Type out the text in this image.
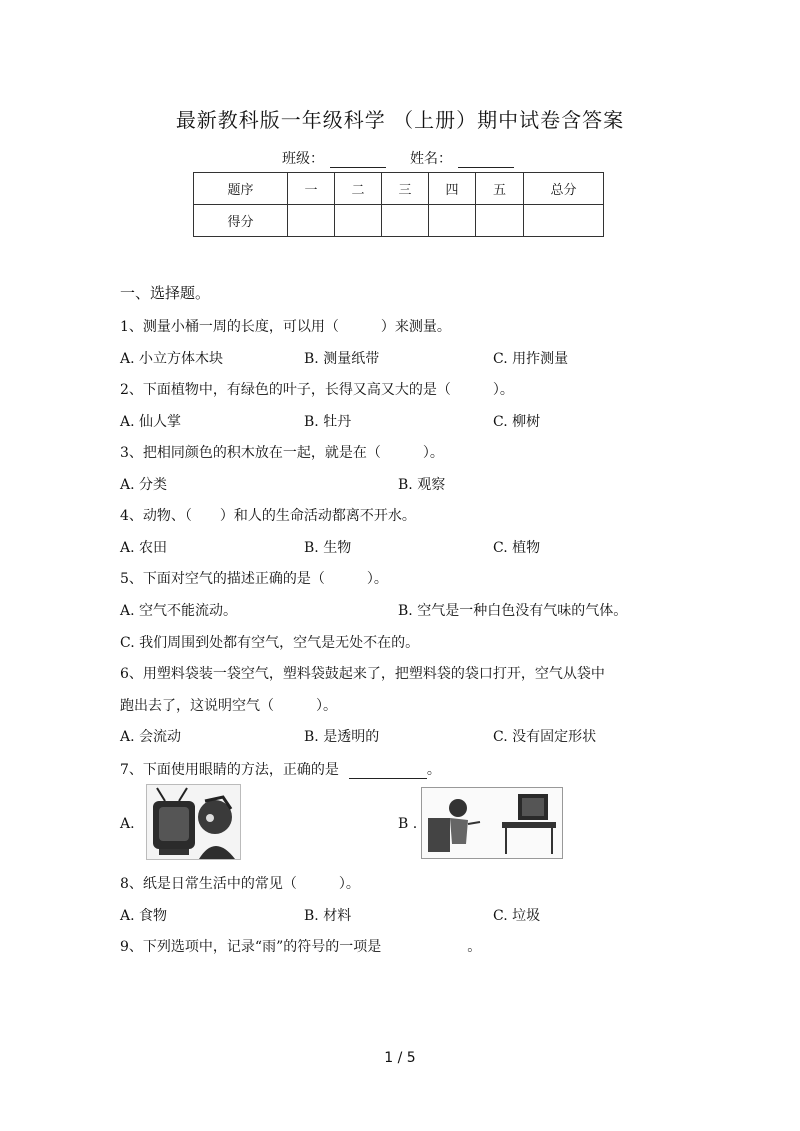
最新教科版一年级科学 （上册）期中试卷含答案
班级：	姓名：
题序	一	二	三	四	五	总分
得分						
一、选择题。
1、测量小桶一周的长度，可以用（　　　）来测量。
A. 小立方体木块	B. 测量纸带	C. 用拃测量
2、下面植物中，有绿色的叶子，长得又高又大的是（　　　）。
A. 仙人掌	B. 牡丹	C. 柳树
3、把相同颜色的积木放在一起，就是在（　　　）。
A. 分类	B. 观察
4、动物、（　　）和人的生命活动都离不开水。
A. 农田	B. 生物	C. 植物
5、下面对空气的描述正确的是（　　　）。
A. 空气不能流动。	B. 空气是一种白色没有气味的气体。
C. 我们周围到处都有空气，空气是无处不在的。
6、用塑料袋装一袋空气，塑料袋鼓起来了，把塑料袋的袋口打开，空气从袋中
跑出去了，这说明空气（　　　）。
A. 会流动	B. 是透明的	C. 没有固定形状
7、下面使用眼睛的方法，正确的是	。
A.	B .
8、纸是日常生活中的常见（　　　）。
A. 食物	B. 材料	C. 垃圾
9、下列选项中，记录“雨”的符号的一项是	。
1 / 5
